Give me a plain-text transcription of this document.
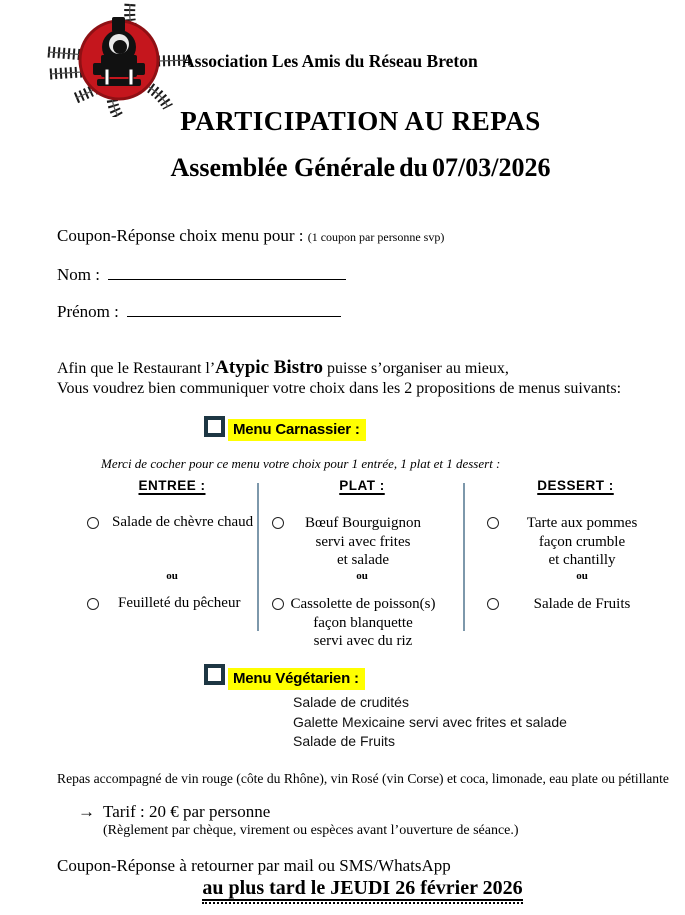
Association Les Amis du Réseau Breton
PARTICIPATION AU REPAS
Assemblée Générale du 07/03/2026
Coupon-Réponse choix menu pour : (1 coupon par personne svp)
Nom :
Prénom :
Afin que le Restaurant l’Atypic Bistro puisse s’organiser au mieux,
Vous voudrez bien communiquer votre choix dans les 2 propositions de menus suivants:
Menu Carnassier :
Merci de cocher pour ce menu votre choix pour 1 entrée, 1 plat et 1 dessert :
ENTREE :	PLAT :	DESSERT :
Salade de chèvre chaud
ou
Feuilleté du pêcheur
Bœuf Bourguignon
servi avec frites
et salade
ou
Cassolette de poisson(s)
façon blanquette
servi avec du riz
Tarte aux pommes
façon crumble
et chantilly
ou
Salade de Fruits
Menu Végétarien :
Salade de crudités
Galette Mexicaine servi avec frites et salade
Salade de Fruits
Repas accompagné de vin rouge (côte du Rhône), vin Rosé (vin Corse) et coca, limonade, eau plate ou pétillante
→ Tarif : 20 € par personne
(Règlement par chèque, virement ou espèces avant l’ouverture de séance.)
Coupon-Réponse à retourner par mail ou SMS/WhatsApp
au plus tard le JEUDI 26 février 2026
